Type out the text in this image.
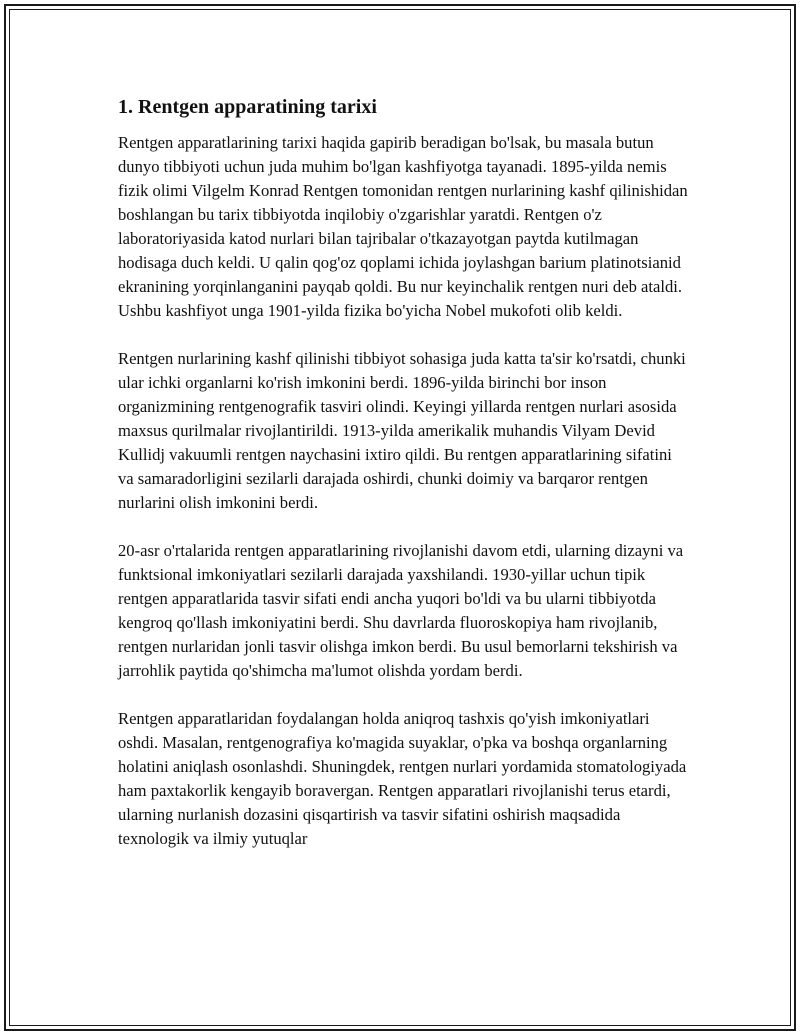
1. Rentgen apparatining tarixi

Rentgen apparatlarining tarixi haqida gapirib beradigan bo'lsak, bu masala butun dunyo tibbiyoti uchun juda muhim bo'lgan kashfiyotga tayanadi. 1895-yilda nemis fizik olimi Vilgelm Konrad Rentgen tomonidan rentgen nurlarining kashf qilinishidan boshlangan bu tarix tibbiyotda inqilobiy o'zgarishlar yaratdi. Rentgen o'z laboratoriyasida katod nurlari bilan tajribalar o'tkazayotgan paytda kutilmagan hodisaga duch keldi. U qalin qog'oz qoplami ichida joylashgan barium platinotsianid ekranining yorqinlanganini payqab qoldi. Bu nur keyinchalik rentgen nuri deb ataldi. Ushbu kashfiyot unga 1901-yilda fizika bo'yicha Nobel mukofoti olib keldi.

Rentgen nurlarining kashf qilinishi tibbiyot sohasiga juda katta ta'sir ko'rsatdi, chunki ular ichki organlarni ko'rish imkonini berdi. 1896-yilda birinchi bor inson organizmining rentgenografik tasviri olindi. Keyingi yillarda rentgen nurlari asosida maxsus qurilmalar rivojlantirildi. 1913-yilda amerikalik muhandis Vilyam Devid Kullidj vakuumli rentgen naychasini ixtiro qildi. Bu rentgen apparatlarining sifatini va samaradorligini sezilarli darajada oshirdi, chunki doimiy va barqaror rentgen nurlarini olish imkonini berdi.

20-asr o'rtalarida rentgen apparatlarining rivojlanishi davom etdi, ularning dizayni va funktsional imkoniyatlari sezilarli darajada yaxshilandi. 1930-yillar uchun tipik rentgen apparatlarida tasvir sifati endi ancha yuqori bo'ldi va bu ularni tibbiyotda kengroq qo'llash imkoniyatini berdi. Shu davrlarda fluoroskopiya ham rivojlanib, rentgen nurlaridan jonli tasvir olishga imkon berdi. Bu usul bemorlarni tekshirish va jarrohlik paytida qo'shimcha ma'lumot olishda yordam berdi.

Rentgen apparatlaridan foydalangan holda aniqroq tashxis qo'yish imkoniyatlari oshdi. Masalan, rentgenografiya ko'magida suyaklar, o'pka va boshqa organlarning holatini aniqlash osonlashdi. Shuningdek, rentgen nurlari yordamida stomatologiyada ham paxtakorlik kengayib boravergan. Rentgen apparatlari rivojlanishi terus etardi, ularning nurlanish dozasini qisqartirish va tasvir sifatini oshirish maqsadida texnologik va ilmiy yutuqlar
